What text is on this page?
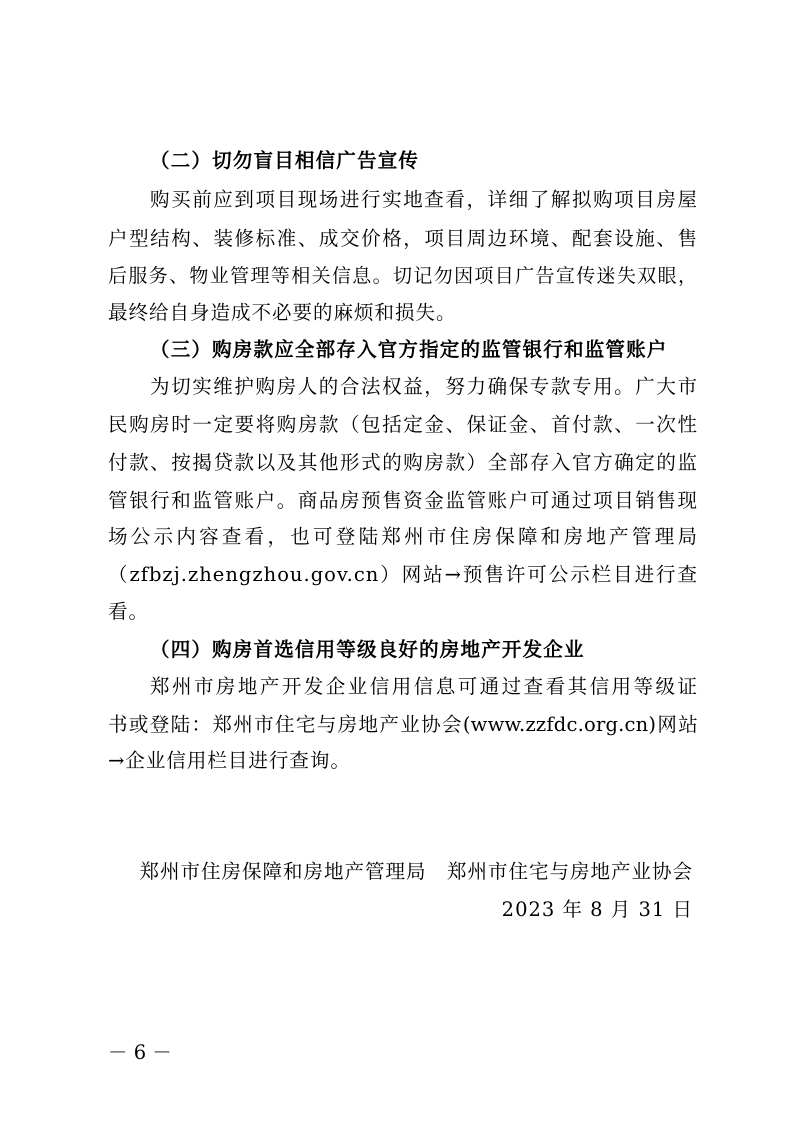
（二）切勿盲目相信广告宣传
购买前应到项目现场进行实地查看，详细了解拟购项目房屋
户型结构、装修标准、成交价格，项目周边环境、配套设施、售
后服务、物业管理等相关信息。切记勿因项目广告宣传迷失双眼，
最终给自身造成不必要的麻烦和损失。
（三）购房款应全部存入官方指定的监管银行和监管账户
为切实维护购房人的合法权益，努力确保专款专用。广大市
民购房时一定要将购房款（包括定金、保证金、首付款、一次性
付款、按揭贷款以及其他形式的购房款）全部存入官方确定的监
管银行和监管账户。商品房预售资金监管账户可通过项目销售现
场公示内容查看，也可登陆郑州市住房保障和房地产管理局
（zfbzj.zhengzhou.gov.cn）网站→预售许可公示栏目进行查
看。
（四）购房首选信用等级良好的房地产开发企业
郑州市房地产开发企业信用信息可通过查看其信用等级证
书或登陆：郑州市住宅与房地产业协会(www.zzfdc.org.cn)网站
→企业信用栏目进行查询。
郑州市住房保障和房地产管理局　郑州市住宅与房地产业协会
2023 年 8 月 31 日
－ 6 －
